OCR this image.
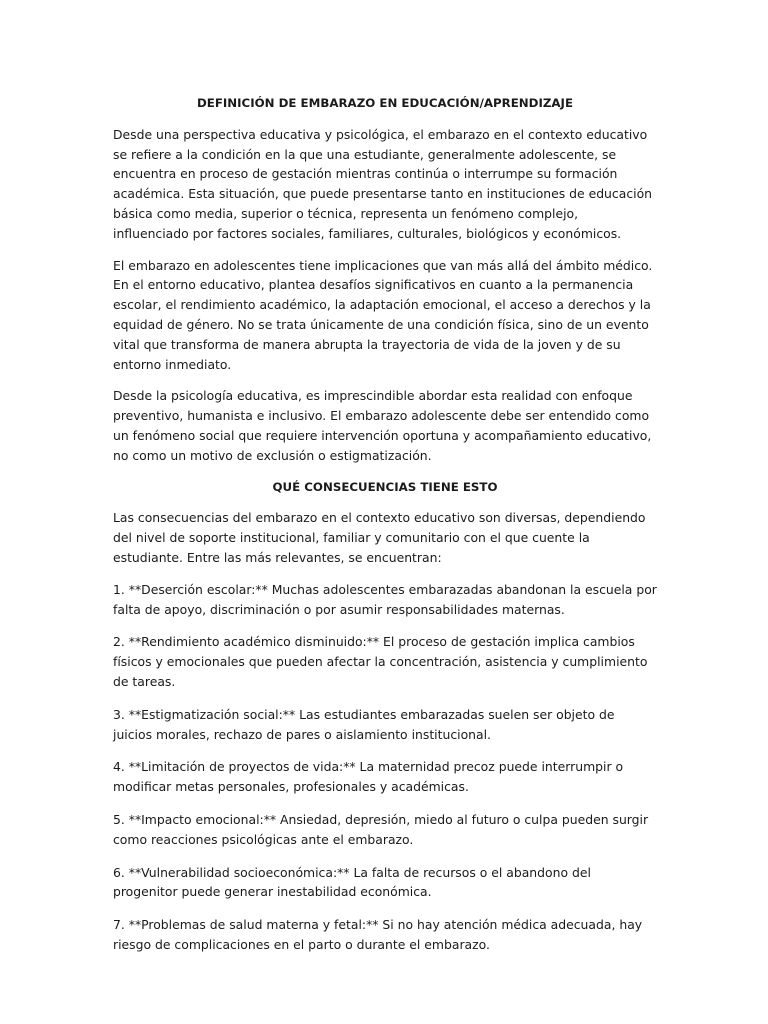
DEFINICIÓN DE EMBARAZO EN EDUCACIÓN/APRENDIZAJE

Desde una perspectiva educativa y psicológica, el embarazo en el contexto educativo se refiere a la condición en la que una estudiante, generalmente adolescente, se encuentra en proceso de gestación mientras continúa o interrumpe su formación académica. Esta situación, que puede presentarse tanto en instituciones de educación básica como media, superior o técnica, representa un fenómeno complejo, influenciado por factores sociales, familiares, culturales, biológicos y económicos.

El embarazo en adolescentes tiene implicaciones que van más allá del ámbito médico. En el entorno educativo, plantea desafíos significativos en cuanto a la permanencia escolar, el rendimiento académico, la adaptación emocional, el acceso a derechos y la equidad de género. No se trata únicamente de una condición física, sino de un evento vital que transforma de manera abrupta la trayectoria de vida de la joven y de su entorno inmediato.

Desde la psicología educativa, es imprescindible abordar esta realidad con enfoque preventivo, humanista e inclusivo. El embarazo adolescente debe ser entendido como un fenómeno social que requiere intervención oportuna y acompañamiento educativo, no como un motivo de exclusión o estigmatización.

QUÉ CONSECUENCIAS TIENE ESTO

Las consecuencias del embarazo en el contexto educativo son diversas, dependiendo del nivel de soporte institucional, familiar y comunitario con el que cuente la estudiante. Entre las más relevantes, se encuentran:

1. **Deserción escolar:** Muchas adolescentes embarazadas abandonan la escuela por falta de apoyo, discriminación o por asumir responsabilidades maternas.

2. **Rendimiento académico disminuido:** El proceso de gestación implica cambios físicos y emocionales que pueden afectar la concentración, asistencia y cumplimiento de tareas.

3. **Estigmatización social:** Las estudiantes embarazadas suelen ser objeto de juicios morales, rechazo de pares o aislamiento institucional.

4. **Limitación de proyectos de vida:** La maternidad precoz puede interrumpir o modificar metas personales, profesionales y académicas.

5. **Impacto emocional:** Ansiedad, depresión, miedo al futuro o culpa pueden surgir como reacciones psicológicas ante el embarazo.

6. **Vulnerabilidad socioeconómica:** La falta de recursos o el abandono del progenitor puede generar inestabilidad económica.

7. **Problemas de salud materna y fetal:** Si no hay atención médica adecuada, hay riesgo de complicaciones en el parto o durante el embarazo.
